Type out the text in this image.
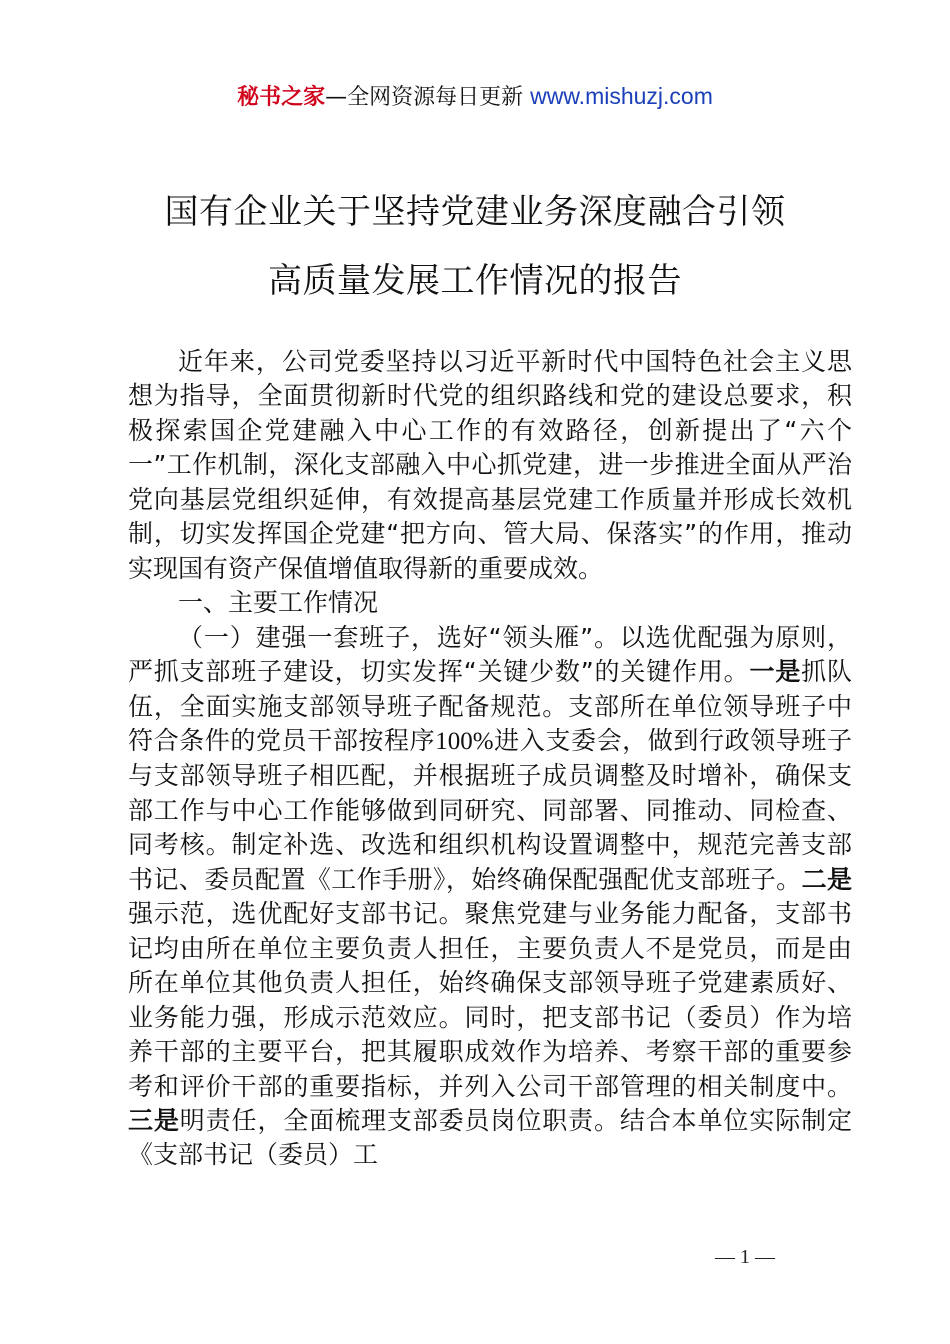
秘书之家—全网资源每日更新 www.mishuzj.com
国有企业关于坚持党建业务深度融合引领
高质量发展工作情况的报告

近年来，公司党委坚持以习近平新时代中国特色社会主义思想为指导，全面贯彻新时代党的组织路线和党的建设总要求，积极探索国企党建融入中心工作的有效路径，创新提出了“六个一”工作机制，深化支部融入中心抓党建，进一步推进全面从严治党向基层党组织延伸，有效提高基层党建工作质量并形成长效机制，切实发挥国企党建“把方向、管大局、保落实”的作用，推动实现国有资产保值增值取得新的重要成效。

一、主要工作情况

（一）建强一套班子，选好“领头雁”。以选优配强为原则，严抓支部班子建设，切实发挥“关键少数”的关键作用。一是抓队伍，全面实施支部领导班子配备规范。支部所在单位领导班子中符合条件的党员干部按程序100%进入支委会，做到行政领导班子与支部领导班子相匹配，并根据班子成员调整及时增补，确保支部工作与中心工作能够做到同研究、同部署、同推动、同检查、同考核。制定补选、改选和组织机构设置调整中，规范完善支部书记、委员配置《工作手册》，始终确保配强配优支部班子。二是强示范，选优配好支部书记。聚焦党建与业务能力配备，支部书记均由所在单位主要负责人担任，主要负责人不是党员，而是由所在单位其他负责人担任，始终确保支部领导班子党建素质好、业务能力强，形成示范效应。同时，把支部书记（委员）作为培养干部的主要平台，把其履职成效作为培养、考察干部的重要参考和评价干部的重要指标，并列入公司干部管理的相关制度中。三是明责任，全面梳理支部委员岗位职责。结合本单位实际制定《支部书记（委员）工

— 1 —
